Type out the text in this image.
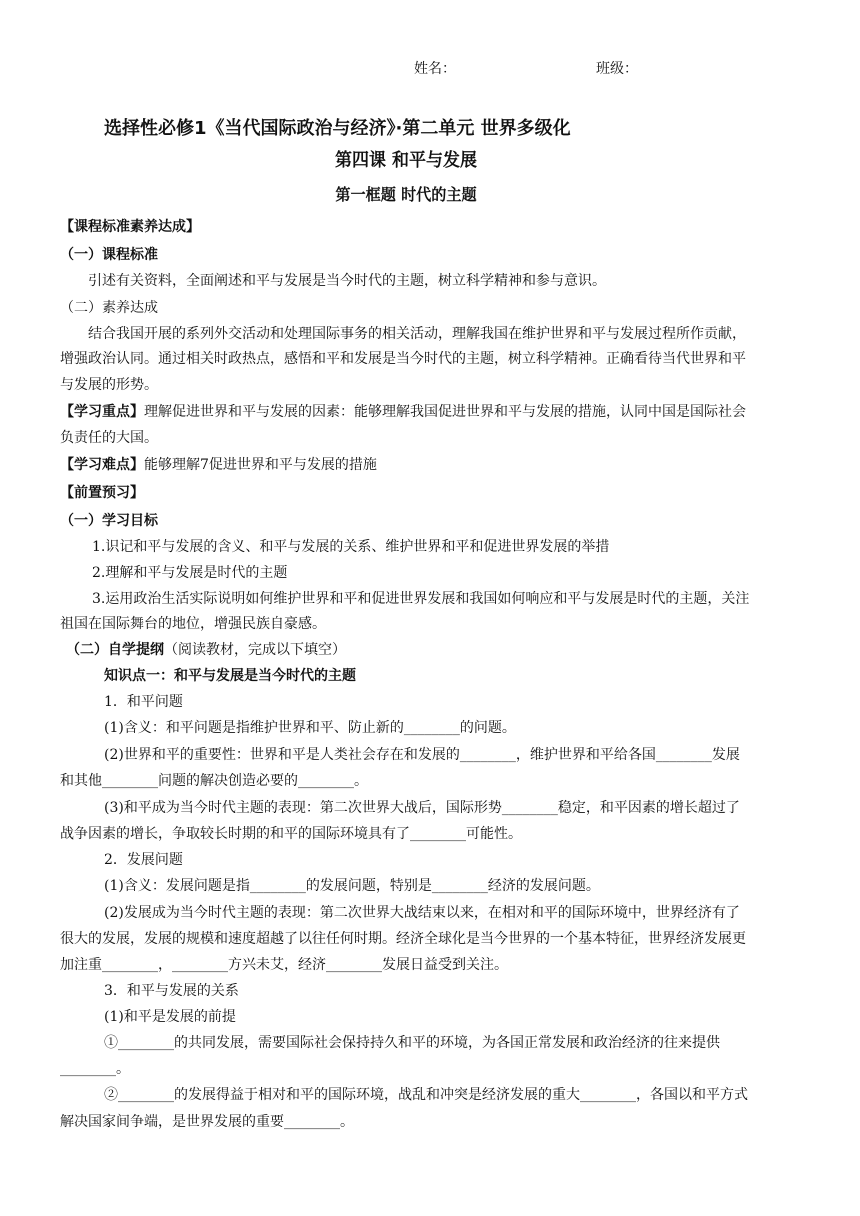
姓名：	班级：
选择性必修1《当代国际政治与经济》·第二单元 世界多级化
第四课 和平与发展
第一框题 时代的主题
【课程标准素养达成】
（一）课程标准
引述有关资料，全面阐述和平与发展是当今时代的主题，树立科学精神和参与意识。
（二）素养达成
结合我国开展的系列外交活动和处理国际事务的相关活动，理解我国在维护世界和平与发展过程所作贡献，
增强政治认同。通过相关时政热点，感悟和平和发展是当今时代的主题，树立科学精神。正确看待当代世界和平
与发展的形势。
【学习重点】理解促进世界和平与发展的因素：能够理解我国促进世界和平与发展的措施，认同中国是国际社会
负责任的大国。
【学习难点】能够理解7促进世界和平与发展的措施
【前置预习】
（一）学习目标
1.识记和平与发展的含义、和平与发展的关系、维护世界和平和促进世界发展的举措
2.理解和平与发展是时代的主题
3.运用政治生活实际说明如何维护世界和平和促进世界发展和我国如何响应和平与发展是时代的主题，关注
祖国在国际舞台的地位，增强民族自豪感。
（二）自学提纲（阅读教材，完成以下填空）
知识点一：和平与发展是当今时代的主题
1．和平问题
(1)含义：和平问题是指维护世界和平、防止新的________的问题。
(2)世界和平的重要性：世界和平是人类社会存在和发展的________，维护世界和平给各国________发展
和其他________问题的解决创造必要的________。
(3)和平成为当今时代主题的表现：第二次世界大战后，国际形势________稳定，和平因素的增长超过了
战争因素的增长，争取较长时期的和平的国际环境具有了________可能性。
2．发展问题
(1)含义：发展问题是指________的发展问题，特别是________经济的发展问题。
(2)发展成为当今时代主题的表现：第二次世界大战结束以来，在相对和平的国际环境中，世界经济有了
很大的发展，发展的规模和速度超越了以往任何时期。经济全球化是当今世界的一个基本特征，世界经济发展更
加注重________，________方兴未艾，经济________发展日益受到关注。
3．和平与发展的关系
(1)和平是发展的前提
①________的共同发展，需要国际社会保持持久和平的环境，为各国正常发展和政治经济的往来提供
________。
②________的发展得益于相对和平的国际环境，战乱和冲突是经济发展的重大________，各国以和平方式
解决国家间争端，是世界发展的重要________。
